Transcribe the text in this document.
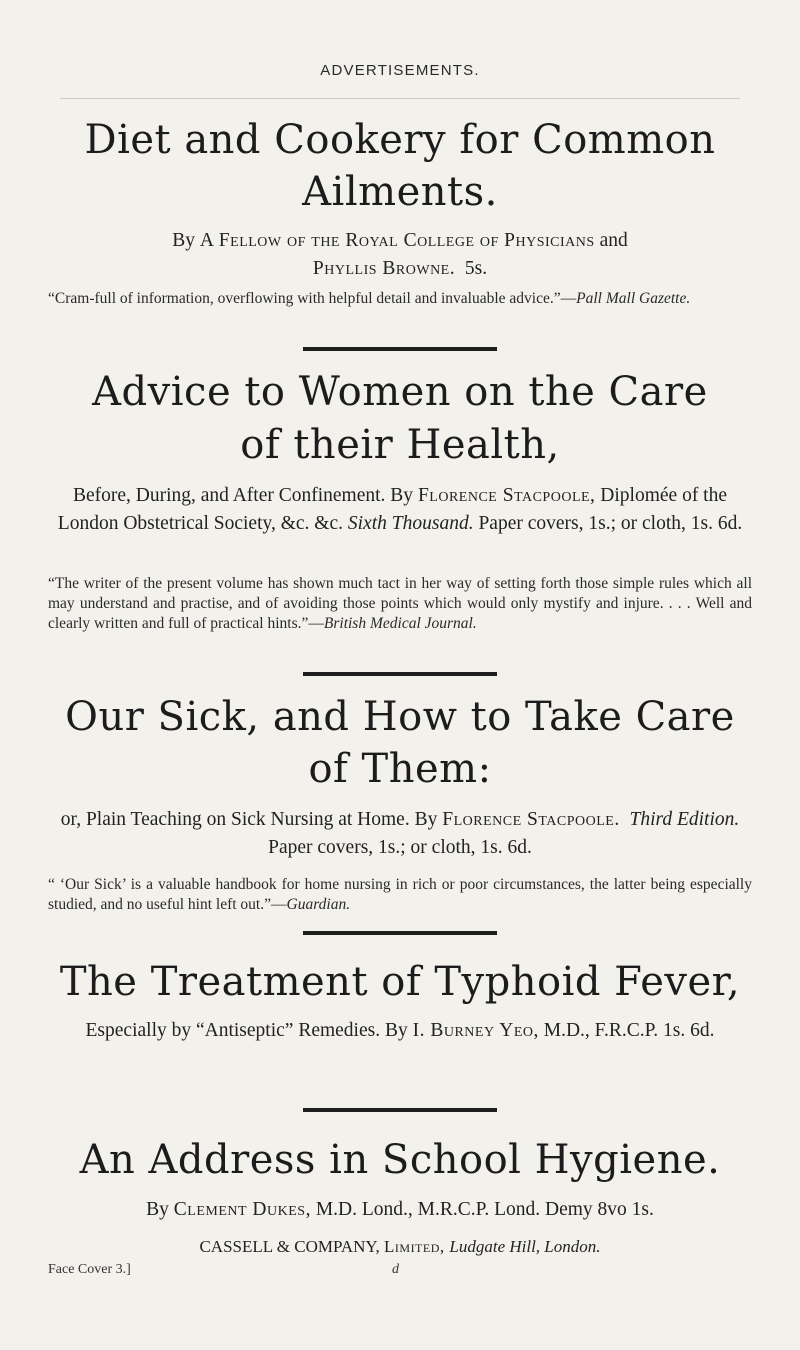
ADVERTISEMENTS.
Diet and Cookery for Common
Ailments.
By A Fellow of the Royal College of Physicians and
Phyllis Browne. 5s.
“Cram-full of information, overflowing with helpful detail and invaluable advice.”—Pall Mall Gazette.
Advice to Women on the Care
of their Health,
Before, During, and After Confinement. By Florence Stacpoole, Diplomée of the London Obstetrical Society, &c. &c. Sixth Thousand. Paper covers, 1s.; or cloth, 1s. 6d.
“The writer of the present volume has shown much tact in her way of setting forth those simple rules which all may understand and practise, and of avoiding those points which would only mystify and injure. . . . Well and clearly written and full of practical hints.”—British Medical Journal.
Our Sick, and How to Take Care
of Them:
or, Plain Teaching on Sick Nursing at Home. By Florence Stacpoole. Third Edition. Paper covers, 1s.; or cloth, 1s. 6d.
“ ‘Our Sick’ is a valuable handbook for home nursing in rich or poor circumstances, the latter being especially studied, and no useful hint left out.”—Guardian.
The Treatment of Typhoid Fever,
Especially by “Antiseptic” Remedies. By I. Burney Yeo, M.D., F.R.C.P. 1s. 6d.
An Address in School Hygiene.
By Clement Dukes, M.D. Lond., M.R.C.P. Lond. Demy 8vo 1s.
CASSELL & COMPANY, Limited, Ludgate Hill, London.
Face Cover 3.]	d
